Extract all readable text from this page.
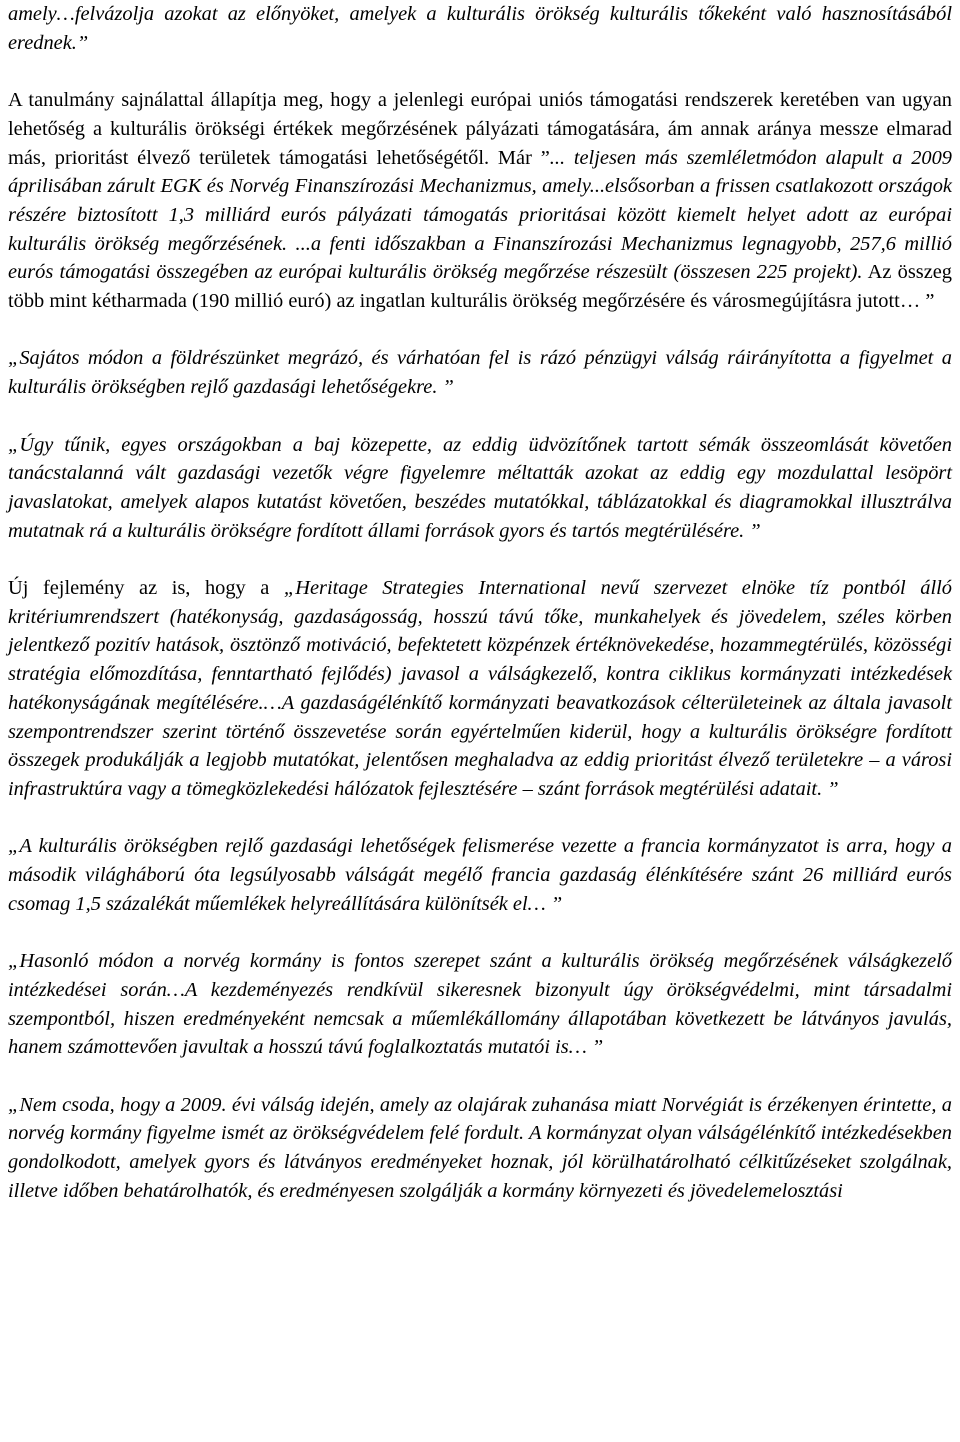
amely…felvázolja azokat az előnyöket, amelyek a kulturális örökség kulturális tőkeként való hasznosításából erednek.”

A tanulmány sajnálattal állapítja meg, hogy a jelenlegi európai uniós támogatási rendszerek keretében van ugyan lehetőség a kulturális örökségi értékek megőrzésének pályázati támogatására, ám annak aránya messze elmarad más, prioritást élvező területek támogatási lehetőségétől. Már ”... teljesen más szemléletmódon alapult a 2009 áprilisában zárult EGK és Norvég Finanszírozási Mechanizmus, amely...elsősorban a frissen csatlakozott országok részére biztosított 1,3 milliárd eurós pályázati támogatás prioritásai között kiemelt helyet adott az európai kulturális örökség megőrzésének. ...a fenti időszakban a Finanszírozási Mechanizmus legnagyobb, 257,6 millió eurós támogatási összegében az európai kulturális örökség megőrzése részesült (összesen 225 projekt). Az összeg több mint kétharmada (190 millió euró) az ingatlan kulturális örökség megőrzésére és városmegújításra jutott… ”

„Sajátos módon a földrészünket megrázó, és várhatóan fel is rázó pénzügyi válság ráirányította a figyelmet a kulturális örökségben rejlő gazdasági lehetőségekre. ”

„Úgy tűnik, egyes országokban a baj közepette, az eddig üdvözítőnek tartott sémák összeomlását követően tanácstalanná vált gazdasági vezetők végre figyelemre méltatták azokat az eddig egy mozdulattal lesöpört javaslatokat, amelyek alapos kutatást követően, beszédes mutatókkal, táblázatokkal és diagramokkal illusztrálva mutatnak rá a kulturális örökségre fordított állami források gyors és tartós megtérülésére. ”

Új fejlemény az is, hogy a „Heritage Strategies International nevű szervezet elnöke tíz pontból álló kritériumrendszert (hatékonyság, gazdaságosság, hosszú távú tőke, munkahelyek és jövedelem, széles körben jelentkező pozitív hatások, ösztönző motiváció, befektetett közpénzek értéknövekedése, hozammegtérülés, közösségi stratégia előmozdítása, fenntartható fejlődés) javasol a válságkezelő, kontra ciklikus kormányzati intézkedések hatékonyságának megítélésére.…A gazdaságélénkítő kormányzati beavatkozások célterületeinek az általa javasolt szempontrendszer szerint történő összevetése során egyértelműen kiderül, hogy a kulturális örökségre fordított összegek produkálják a legjobb mutatókat, jelentősen meghaladva az eddig prioritást élvező területekre – a városi infrastruktúra vagy a tömegközlekedési hálózatok fejlesztésére – szánt források megtérülési adatait. ”

„A kulturális örökségben rejlő gazdasági lehetőségek felismerése vezette a francia kormányzatot is arra, hogy a második világháború óta legsúlyosabb válságát megélő francia gazdaság élénkítésére szánt 26 milliárd eurós csomag 1,5 százalékát műemlékek helyreállítására különítsék el… ”

„Hasonló módon a norvég kormány is fontos szerepet szánt a kulturális örökség megőrzésének válságkezelő intézkedései során…A kezdeményezés rendkívül sikeresnek bizonyult úgy örökségvédelmi, mint társadalmi szempontból, hiszen eredményeként nemcsak a műemlékállomány állapotában következett be látványos javulás, hanem számottevően javultak a hosszú távú foglalkoztatás mutatói is… ”

„Nem csoda, hogy a 2009. évi válság idején, amely az olajárak zuhanása miatt Norvégiát is érzékenyen érintette, a norvég kormány figyelme ismét az örökségvédelem felé fordult. A kormányzat olyan válságélénkítő intézkedésekben gondolkodott, amelyek gyors és látványos eredményeket hoznak, jól körülhatárolható célkitűzéseket szolgálnak, illetve időben behatárolhatók, és eredményesen szolgálják a kormány környezeti és jövedelemelosztási
